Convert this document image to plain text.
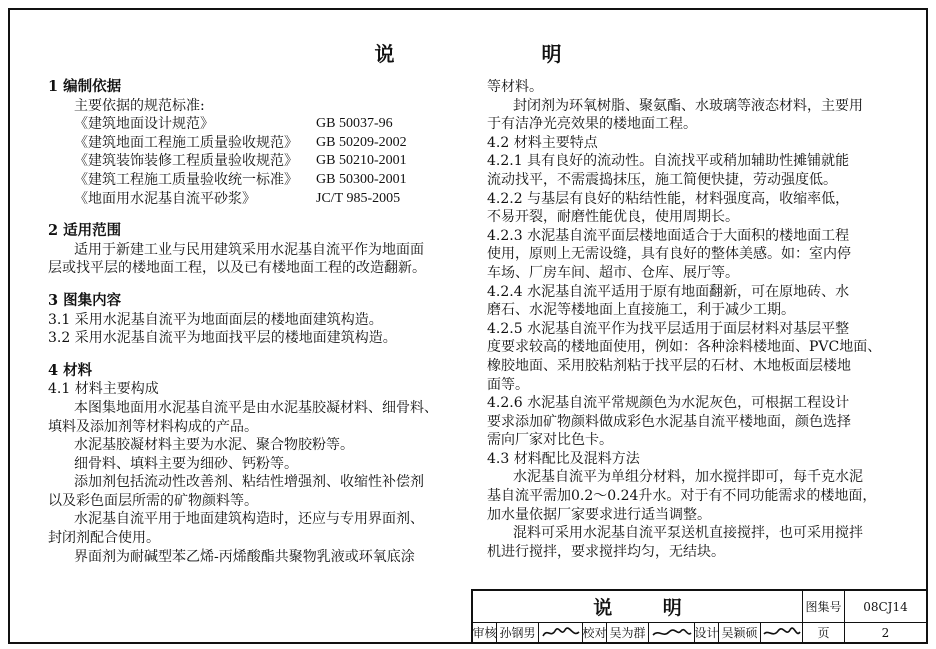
说 明
1 编制依据
主要依据的规范标准:
《建筑地面设计规范》	GB 50037-96
《建筑地面工程施工质量验收规范》	GB 50209-2002
《建筑装饰装修工程质量验收规范》	GB 50210-2001
《建筑工程施工质量验收统一标准》	GB 50300-2001
《地面用水泥基自流平砂浆》	JC/T 985-2005
2 适用范围
适用于新建工业与民用建筑采用水泥基自流平作为地面面
层或找平层的楼地面工程，以及已有楼地面工程的改造翻新。
3 图集内容
3.1 采用水泥基自流平为地面面层的楼地面建筑构造。
3.2 采用水泥基自流平为地面找平层的楼地面建筑构造。
4 材料
4.1 材料主要构成
本图集地面用水泥基自流平是由水泥基胶凝材料、细骨料、
填料及添加剂等材料构成的产品。
水泥基胶凝材料主要为水泥、聚合物胶粉等。
细骨料、填料主要为细砂、钙粉等。
添加剂包括流动性改善剂、粘结性增强剂、收缩性补偿剂
以及彩色面层所需的矿物颜料等。
水泥基自流平用于地面建筑构造时，还应与专用界面剂、
封闭剂配合使用。
界面剂为耐碱型苯乙烯-丙烯酸酯共聚物乳液或环氧底涂
等材料。
封闭剂为环氧树脂、聚氨酯、水玻璃等液态材料，主要用
于有洁净光亮效果的楼地面工程。
4.2 材料主要特点
4.2.1 具有良好的流动性。自流找平或稍加辅助性摊铺就能
流动找平，不需震捣抹压，施工简便快捷，劳动强度低。
4.2.2 与基层有良好的粘结性能，材料强度高，收缩率低，
不易开裂，耐磨性能优良，使用周期长。
4.2.3 水泥基自流平面层楼地面适合于大面积的楼地面工程
使用，原则上无需设缝，具有良好的整体美感。如：室内停
车场、厂房车间、超市、仓库、展厅等。
4.2.4 水泥基自流平适用于原有地面翻新，可在原地砖、水
磨石、水泥等楼地面上直接施工，利于减少工期。
4.2.5 水泥基自流平作为找平层适用于面层材料对基层平整
度要求较高的楼地面使用，例如：各种涂料楼地面、PVC地面、
橡胶地面、采用胶粘剂粘于找平层的石材、木地板面层楼地
面等。
4.2.6 水泥基自流平常规颜色为水泥灰色，可根据工程设计
要求添加矿物颜料做成彩色水泥基自流平楼地面，颜色选择
需向厂家对比色卡。
4.3 材料配比及混料方法
水泥基自流平为单组分材料，加水搅拌即可，每千克水泥
基自流平需加0.2～0.24升水。对于有不同功能需求的楼地面，
加水量依据厂家要求进行适当调整。
混料可采用水泥基自流平泵送机直接搅拌，也可采用搅拌
机进行搅拌，要求搅拌均匀，无结块。
说 明	图集号	08CJ14
审核 孙钢男	校对 吴为群	设计 吴颖硕	页	2
